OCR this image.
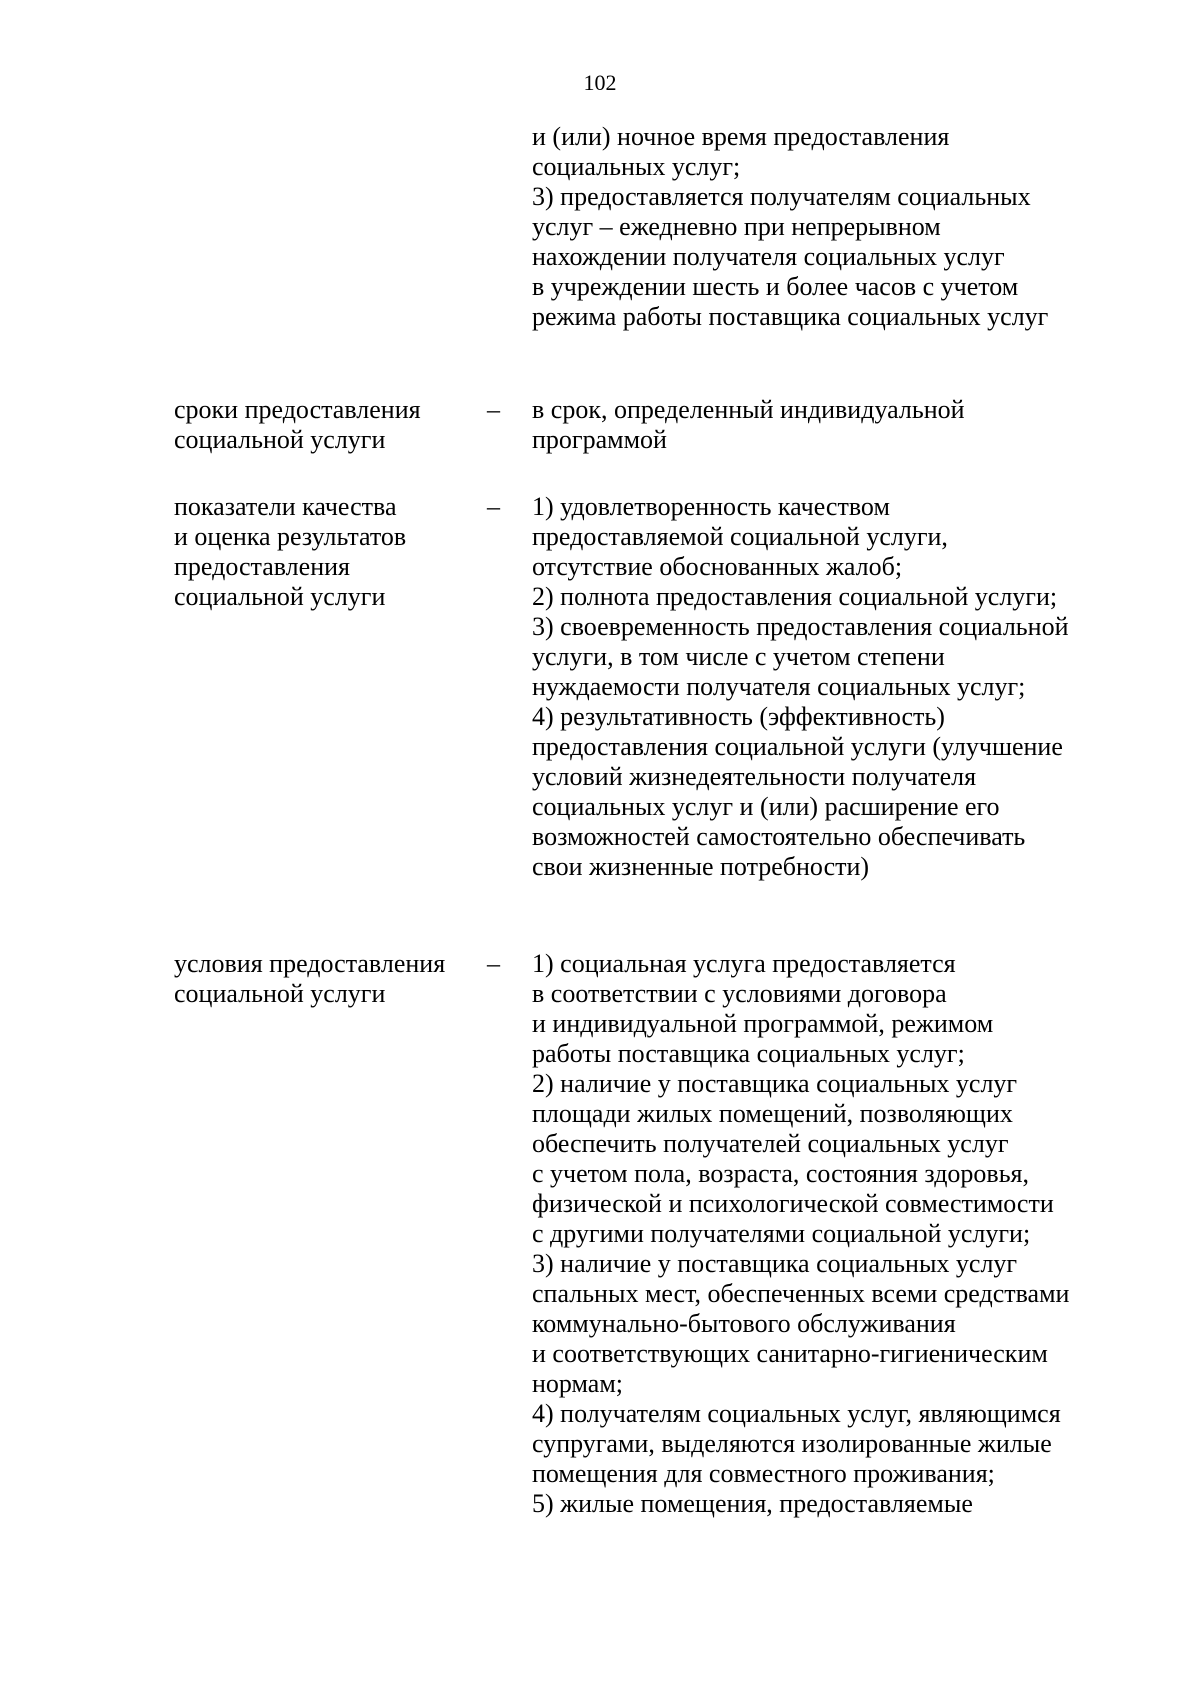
102
и (или) ночное время предоставления
социальных услуг;
3) предоставляется получателям социальных
услуг – ежедневно при непрерывном
нахождении получателя социальных услуг
в учреждении шесть и более часов с учетом
режима работы поставщика социальных услуг
сроки предоставления
социальной услуги
– в срок, определенный индивидуальной
программой
показатели качества
и оценка результатов
предоставления
социальной услуги
– 1) удовлетворенность качеством
предоставляемой социальной услуги,
отсутствие обоснованных жалоб;
2) полнота предоставления социальной услуги;
3) своевременность предоставления социальной
услуги, в том числе с учетом степени
нуждаемости получателя социальных услуг;
4) результативность (эффективность)
предоставления социальной услуги (улучшение
условий жизнедеятельности получателя
социальных услуг и (или) расширение его
возможностей самостоятельно обеспечивать
свои жизненные потребности)
условия предоставления
социальной услуги
– 1) социальная услуга предоставляется
в соответствии с условиями договора
и индивидуальной программой, режимом
работы поставщика социальных услуг;
2) наличие у поставщика социальных услуг
площади жилых помещений, позволяющих
обеспечить получателей социальных услуг
с учетом пола, возраста, состояния здоровья,
физической и психологической совместимости
с другими получателями социальной услуги;
3) наличие у поставщика социальных услуг
спальных мест, обеспеченных всеми средствами
коммунально-бытового обслуживания
и соответствующих санитарно-гигиеническим
нормам;
4) получателям социальных услуг, являющимся
супругами, выделяются изолированные жилые
помещения для совместного проживания;
5) жилые помещения, предоставляемые
